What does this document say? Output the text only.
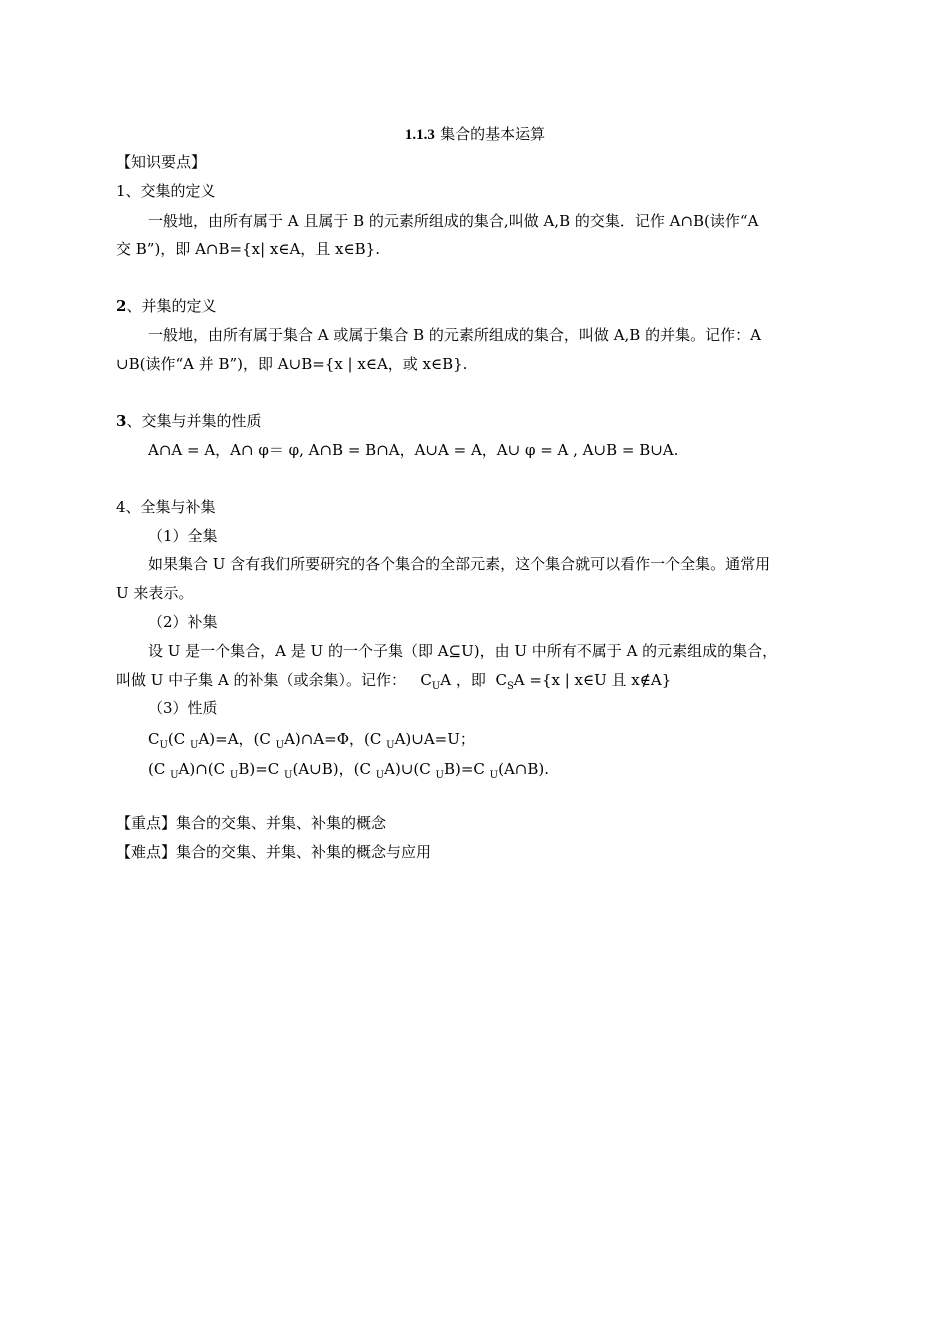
1.1.3 集合的基本运算
【知识要点】
1、交集的定义
一般地，由所有属于 A 且属于 B 的元素所组成的集合,叫做 A,B 的交集．记作 A∩B(读作“A
交 B”)，即 A∩B={x| x∈A，且 x∈B}.
2、并集的定义
一般地，由所有属于集合 A 或属于集合 B 的元素所组成的集合，叫做 A,B 的并集。记作：A
∪B(读作“A 并 B”)，即 A∪B={x | x∈A，或 x∈B}.
3、交集与并集的性质
A∩A = A，A∩ φ＝ φ, A∩B = B∩A，A∪A = A，A∪ φ = A , A∪B = B∪A.
4、全集与补集
（1）全集
如果集合 U 含有我们所要研究的各个集合的全部元素，这个集合就可以看作一个全集。通常用
U 来表示。
（2）补集
设 U 是一个集合，A 是 U 的一个子集（即 A⊆U)，由 U 中所有不属于 A 的元素组成的集合，
叫做 U 中子集 A 的补集（或余集）。记作： $C_UA$ ，即  $C_SA =\{x$ | x∈U 且 x∉A}
（3）性质
$C_U(C$ $_U$A)=A，(C $_U$A)∩A=Φ，(C $_U$A)∪A=U；
(C $_U$A)∩(C $_U$B)=C $_U$(A∪B)，(C $_U$A)∪(C $_U$B)=C $_U$(A∩B).
【重点】集合的交集、并集、补集的概念
【难点】集合的交集、并集、补集的概念与应用
